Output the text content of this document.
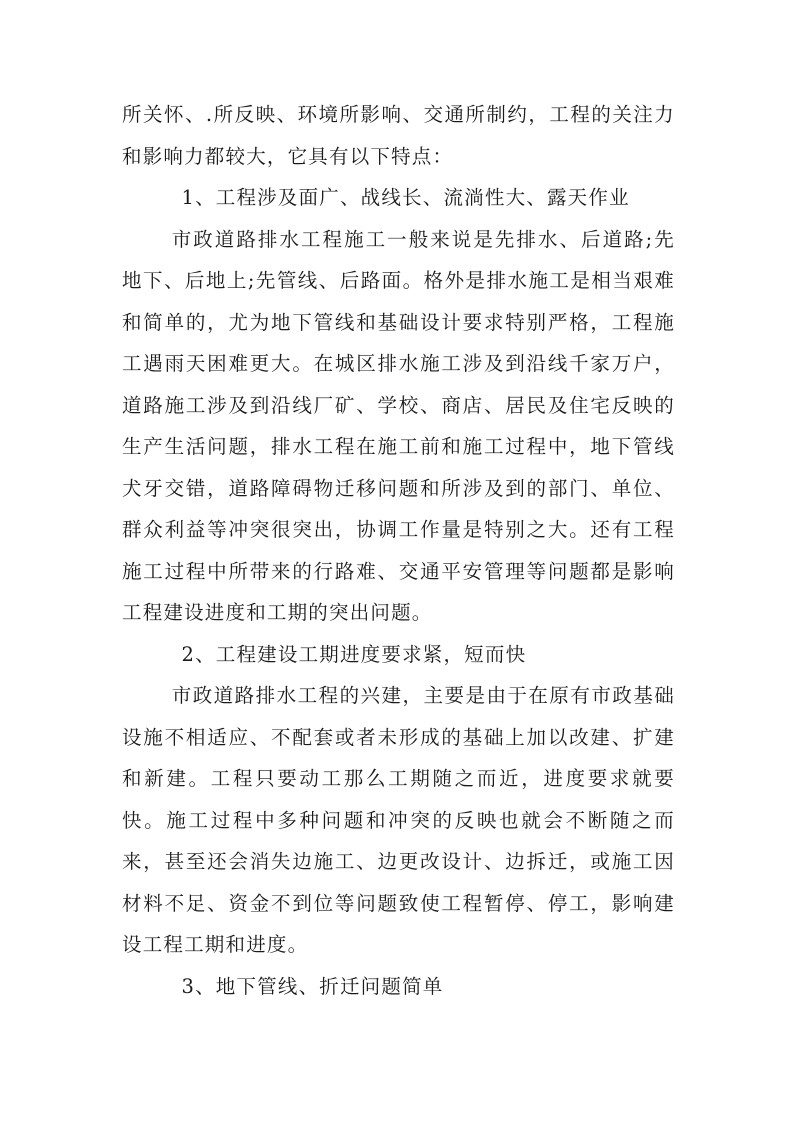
所关怀、.所反映、环境所影响、交通所制约，工程的关注力和影响力都较大，它具有以下特点：

1、工程涉及面广、战线长、流淌性大、露天作业

市政道路排水工程施工一般来说是先排水、后道路;先地下、后地上;先管线、后路面。格外是排水施工是相当艰难和简单的，尤为地下管线和基础设计要求特别严格，工程施工遇雨天困难更大。在城区排水施工涉及到沿线千家万户，道路施工涉及到沿线厂矿、学校、商店、居民及住宅反映的生产生活问题，排水工程在施工前和施工过程中，地下管线犬牙交错，道路障碍物迁移问题和所涉及到的部门、单位、群众利益等冲突很突出，协调工作量是特别之大。还有工程施工过程中所带来的行路难、交通平安管理等问题都是影响工程建设进度和工期的突出问题。

2、工程建设工期进度要求紧，短而快

市政道路排水工程的兴建，主要是由于在原有市政基础设施不相适应、不配套或者未形成的基础上加以改建、扩建和新建。工程只要动工那么工期随之而近，进度要求就要快。施工过程中多种问题和冲突的反映也就会不断随之而来，甚至还会消失边施工、边更改设计、边拆迁，或施工因材料不足、资金不到位等问题致使工程暂停、停工，影响建设工程工期和进度。

3、地下管线、折迁问题简单
